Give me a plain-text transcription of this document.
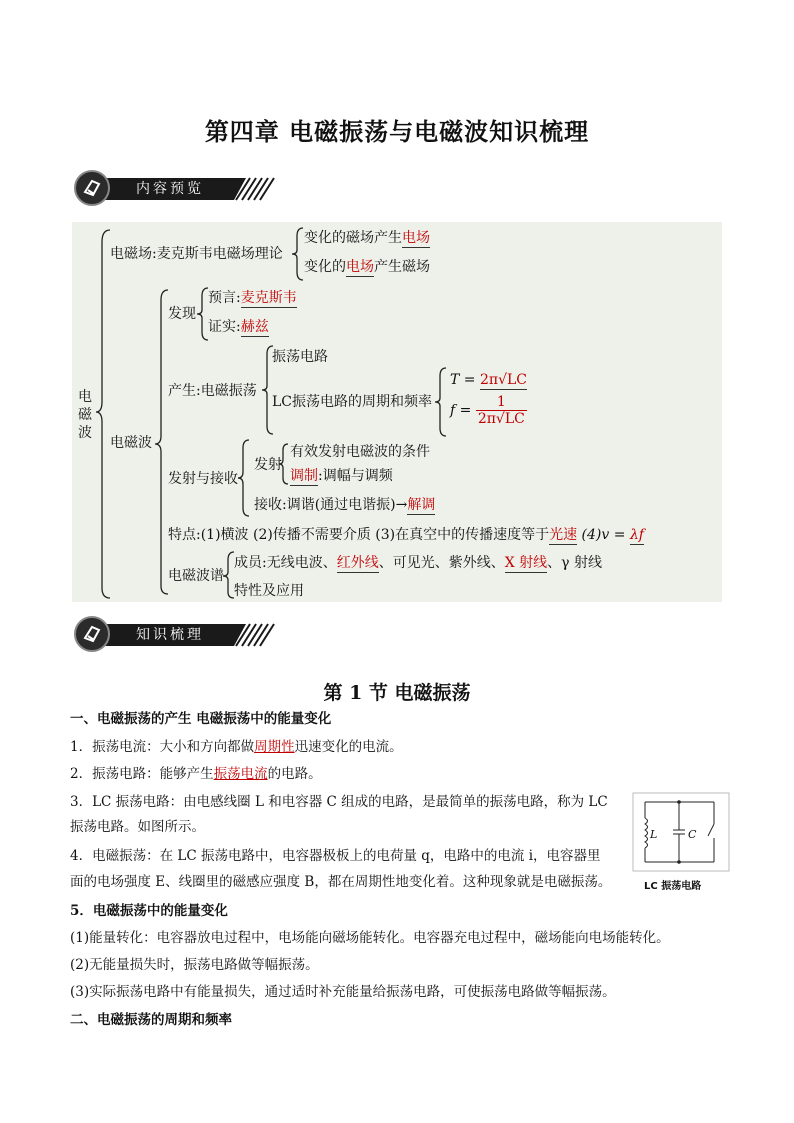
第四章 电磁振荡与电磁波知识梳理
内容预览
电
磁
波
电磁场:麦克斯韦电磁场理论
变化的磁场产生电场
变化的电场产生磁场
电磁波
发现
预言:麦克斯韦
证实:赫兹
产生:电磁振荡
振荡电路
LC振荡电路的周期和频率
T = 2π√LC
$f = \frac{1}{2\pi√LC}$
发射与接收
发射
有效发射电磁波的条件
调制:调幅与调频
接收:调谐(通过电谐振)→解调
特点:(1)横波 (2)传播不需要介质 (3)在真空中的传播速度等于光速 (4)v = λf
电磁波谱
成员:无线电波、红外线、可见光、紫外线、X 射线、γ 射线
特性及应用
知识梳理
第 1 节 电磁振荡
一、电磁振荡的产生 电磁振荡中的能量变化
1．振荡电流：大小和方向都做周期性迅速变化的电流。
2．振荡电路：能够产生振荡电流的电路。
3．LC 振荡电路：由电感线圈 L 和电容器 C 组成的电路，是最简单的振荡电路，称为 LC
振荡电路。如图所示。
4．电磁振荡：在 LC 振荡电路中，电容器极板上的电荷量 q，电路中的电流 i，电容器里
面的电场强度 E、线圈里的磁感应强度 B，都在周期性地变化着。这种现象就是电磁振荡。
5．电磁振荡中的能量变化
(1)能量转化：电容器放电过程中，电场能向磁场能转化。电容器充电过程中，磁场能向电场能转化。
(2)无能量损失时，振荡电路做等幅振荡。
(3)实际振荡电路中有能量损失，通过适时补充能量给振荡电路，可使振荡电路做等幅振荡。
二、电磁振荡的周期和频率
L	C
LC 振荡电路
